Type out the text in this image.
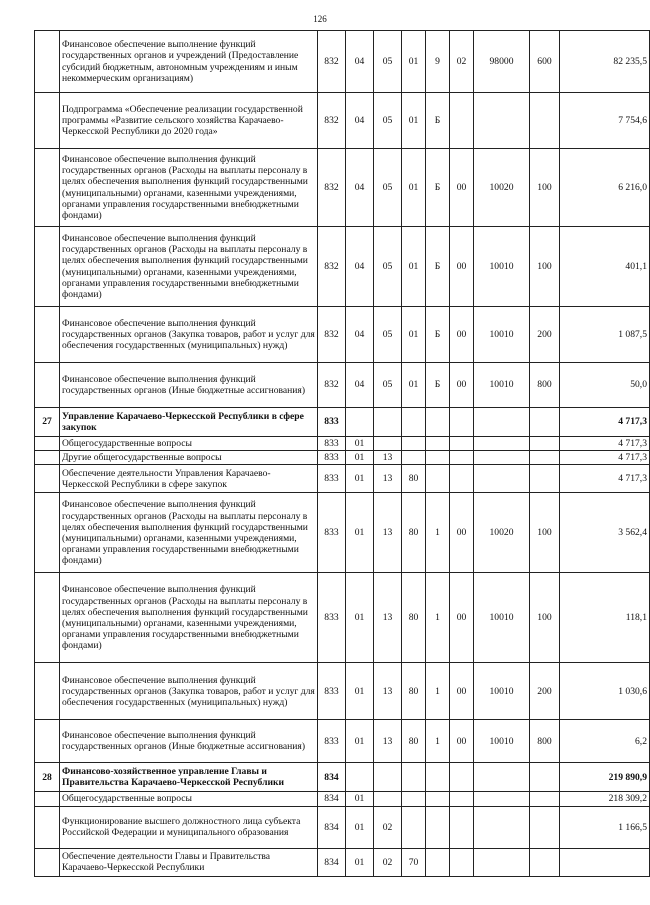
126
	Финансовое обеспечение выполнение функций государственных органов и учреждений (Предоставление субсидий бюджетным, автономным учреждениям и иным некоммерческим организациям)	832	04	05	01	9	02	98000	600	82 235,5
	Подпрограмма «Обеспечение реализации государственной программы «Развитие сельского хозяйства Карачаево-Черкесской Республики до 2020 года»	832	04	05	01	Б				7 754,6
	Финансовое обеспечение выполнения функций государственных органов (Расходы на выплаты персоналу в целях обеспечения выполнения функций государственными (муниципальными) органами, казенными учреждениями, органами управления государственными внебюджетными фондами)	832	04	05	01	Б	00	10020	100	6 216,0
	Финансовое обеспечение выполнения функций государственных органов (Расходы на выплаты персоналу в целях обеспечения выполнения функций государственными (муниципальными) органами, казенными учреждениями, органами управления государственными внебюджетными фондами)	832	04	05	01	Б	00	10010	100	401,1
	Финансовое обеспечение выполнения функций государственных органов (Закупка товаров, работ и услуг для обеспечения государственных (муниципальных) нужд)	832	04	05	01	Б	00	10010	200	1 087,5
	Финансовое обеспечение выполнения функций государственных органов (Иные бюджетные ассигнования)	832	04	05	01	Б	00	10010	800	50,0
27	Управление Карачаево-Черкесской Республики в сфере закупок	833								4 717,3
	Общегосударственные вопросы	833	01							4 717,3
	Другие общегосударственные вопросы	833	01	13						4 717,3
	Обеспечение деятельности Управления Карачаево-Черкесской Республики в сфере закупок	833	01	13	80					4 717,3
	Финансовое обеспечение выполнения функций государственных органов (Расходы на выплаты персоналу в целях обеспечения выполнения функций государственными (муниципальными) органами, казенными учреждениями, органами управления государственными внебюджетными фондами)	833	01	13	80	1	00	10020	100	3 562,4
	Финансовое обеспечение выполнения функций государственных органов (Расходы на выплаты персоналу в целях обеспечения выполнения функций государственными (муниципальными) органами, казенными учреждениями, органами управления государственными внебюджетными фондами)	833	01	13	80	1	00	10010	100	118,1
	Финансовое обеспечение выполнения функций государственных органов (Закупка товаров, работ и услуг для обеспечения государственных (муниципальных) нужд)	833	01	13	80	1	00	10010	200	1 030,6
	Финансовое обеспечение выполнения функций государственных органов (Иные бюджетные ассигнования)	833	01	13	80	1	00	10010	800	6,2
28	Финансово-хозяйственное управление Главы и Правительства Карачаево-Черкесской Республики	834								219 890,9
	Общегосударственные вопросы	834	01							218 309,2
	Функционирование высшего должностного лица субъекта Российской Федерации и муниципального образования	834	01	02						1 166,5
	Обеспечение деятельности Главы и Правительства Карачаево-Черкесской Республики	834	01	02	70					
